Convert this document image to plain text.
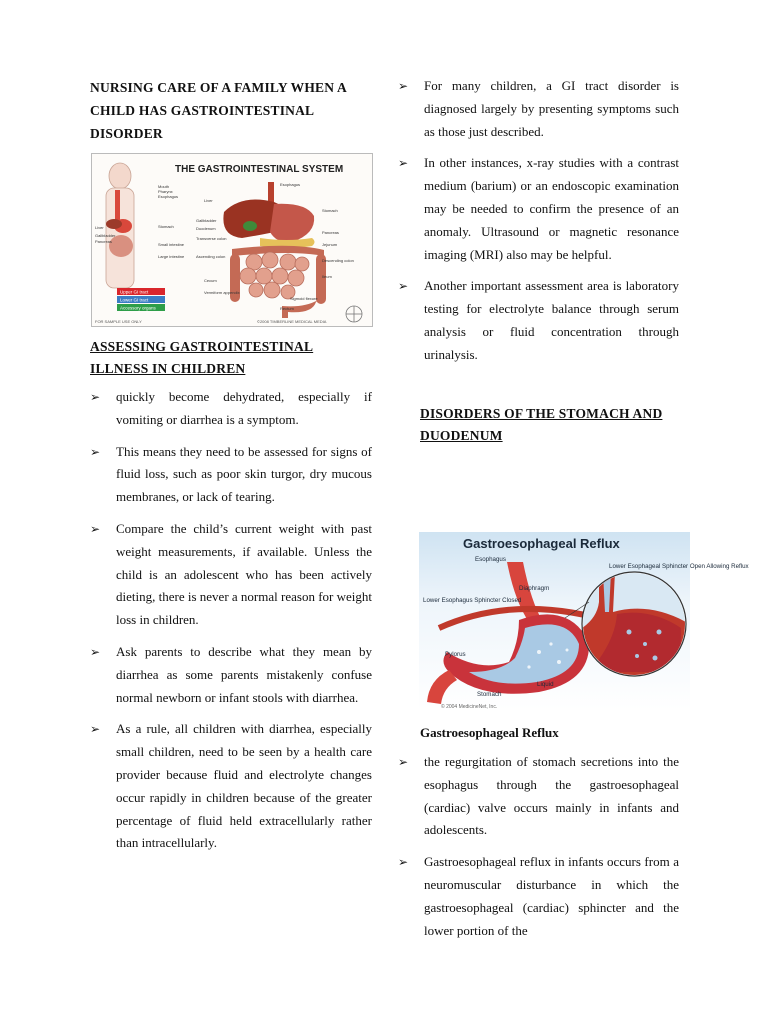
NURSING CARE OF A FAMILY WHEN A CHILD HAS GASTROINTESTINAL DISORDER
THE GASTROINTESTINAL SYSTEM
Liver
Gallbladder
Pancreas
Mouth
Pharynx
Esophagus
Stomach
Small intestine
Large intestine
Upper GI tract
Lower GI tract
Accessory organs
Esophagus
Liver
Stomach
Gallbladder
Duodenum
Pancreas
Transverse colon
Jejunum
Ascending colon
Descending colon
Cecum
Ileum
Vermiform appendix
Sigmoid flexure
Rectum
FOR SAMPLE USE ONLY	©2008 TIMBERLINE MEDICAL MEDIA
ASSESSING GASTROINTESTINAL ILLNESS IN CHILDREN
➢ quickly become dehydrated, especially if vomiting or diarrhea is a symptom.
➢ This means they need to be assessed for signs of fluid loss, such as poor skin turgor, dry mucous membranes, or lack of tearing.
➢ Compare the child’s current weight with past weight measurements, if available. Unless the child is an adolescent who has been actively dieting, there is never a normal reason for weight loss in children.
➢ Ask parents to describe what they mean by diarrhea as some parents mistakenly confuse normal newborn or infant stools with diarrhea.
➢ As a rule, all children with diarrhea, especially small children, need to be seen by a health care provider because fluid and electrolyte changes occur rapidly in children because of the greater percentage of fluid held extracellularly rather than intracellularly.
➢ For many children, a GI tract disorder is diagnosed largely by presenting symptoms such as those just described.
➢ In other instances, x-ray studies with a contrast medium (barium) or an endoscopic examination may be needed to confirm the presence of an anomaly. Ultrasound or magnetic resonance imaging (MRI) also may be helpful.
➢ Another important assessment area is laboratory testing for electrolyte balance through serum analysis or fluid concentration through urinalysis.
DISORDERS OF THE STOMACH AND DUODENUM
Gastroesophageal Reflux
Esophagus
Diaphragm
Lower Esophagus Sphincter Closed
Lower Esophageal Sphincter Open Allowing Reflux
Pylorus
Stomach
Liquid
© 2004 MedicineNet, Inc.
Gastroesophageal Reflux
➢ the regurgitation of stomach secretions into the esophagus through the gastroesophageal (cardiac) valve occurs mainly in infants and adolescents.
➢ Gastroesophageal reflux in infants occurs from a neuromuscular disturbance in which the gastroesophageal (cardiac) sphincter and the lower portion of the
